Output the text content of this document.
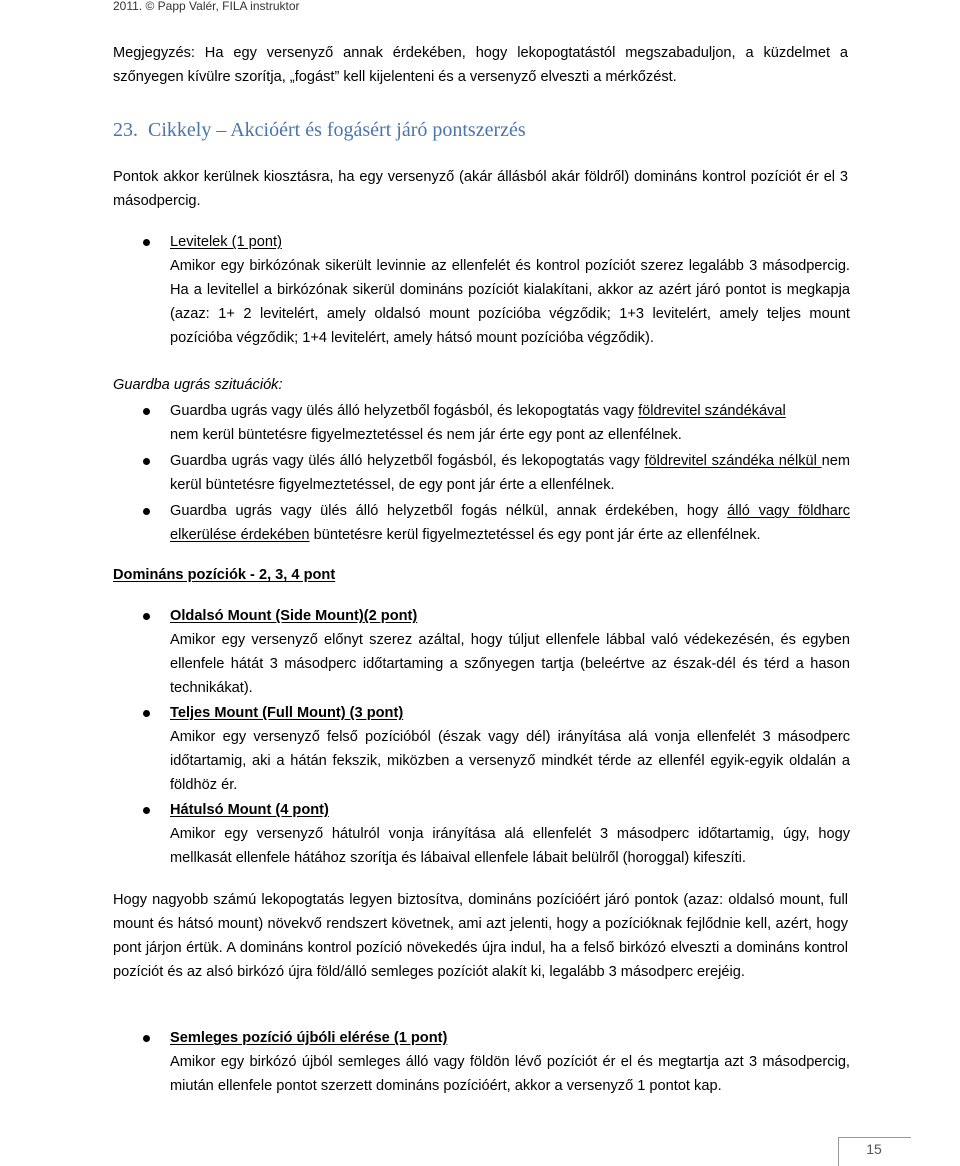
2011. © Papp Valér, FILA instruktor
Megjegyzés: Ha egy versenyző annak érdekében, hogy lekopogtatástól megszabaduljon, a küzdelmet a szőnyegen kívülre szorítja, „fogást” kell kijelenteni és a versenyző elveszti a mérkőzést.
23. Cikkely – Akcióért és fogásért járó pontszerzés
Pontok akkor kerülnek kiosztásra, ha egy versenyző (akár állásból akár földről) domináns kontrol pozíciót ér el 3 másodpercig.
Levitelek (1 pont)
Amikor egy birkózónak sikerült levinnie az ellenfelét és kontrol pozíciót szerez legalább 3 másodpercig. Ha a levitellel a birkózónak sikerül domináns pozíciót kialakítani, akkor az azért járó pontot is megkapja (azaz: 1+ 2 levitelért, amely oldalsó mount pozícióba végződik; 1+3 levitelért, amely teljes mount pozícióba végződik; 1+4 levitelért, amely hátsó mount pozícióba végződik).
Guardba ugrás szituációk:
Guardba ugrás vagy ülés álló helyzetből fogásból, és lekopogtatás vagy földrevitel szándékával
nem kerül büntetésre figyelmeztetéssel és nem jár érte egy pont az ellenfélnek.
Guardba ugrás vagy ülés álló helyzetből fogásból, és lekopogtatás vagy földrevitel szándéka nélkül nem kerül büntetésre figyelmeztetéssel, de egy pont jár érte a ellenfélnek.
Guardba ugrás vagy ülés álló helyzetből fogás nélkül, annak érdekében, hogy álló vagy földharc elkerülése érdekében büntetésre kerül figyelmeztetéssel és egy pont jár érte az ellenfélnek.
Domináns pozíciók - 2, 3, 4 pont
Oldalsó Mount (Side Mount)(2 pont)
Amikor egy versenyző előnyt szerez azáltal, hogy túljut ellenfele lábbal való védekezésén, és egyben ellenfele hátát 3 másodperc időtartaming a szőnyegen tartja (beleértve az észak-dél és térd a hason technikákat).
Teljes Mount (Full Mount) (3 pont)
Amikor egy versenyző felső pozícióból (észak vagy dél) irányítása alá vonja ellenfelét 3 másodperc időtartamig, aki a hátán fekszik, miközben a versenyző mindkét térde az ellenfél egyik-egyik oldalán a földhöz ér.
Hátulsó Mount (4 pont)
Amikor egy versenyző hátulról vonja irányítása alá ellenfelét 3 másodperc időtartamig, úgy, hogy mellkasát ellenfele hátához szorítja és lábaival ellenfele lábait belülről (horoggal) kifeszíti.
Hogy nagyobb számú lekopogtatás legyen biztosítva, domináns pozícióért járó pontok (azaz: oldalsó mount, full mount és hátsó mount) növekvő rendszert követnek, ami azt jelenti, hogy a pozícióknak fejlődnie kell, azért, hogy pont járjon értük. A domináns kontrol pozíció növekedés újra indul, ha a felső birkózó elveszti a domináns kontrol pozíciót és az alsó birkózó újra föld/álló semleges pozíciót alakít ki, legalább 3 másodperc erejéig.
Semleges pozíció újbóli elérése (1 pont)
Amikor egy birkózó újból semleges álló vagy földön lévő pozíciót ér el és megtartja azt 3 másodpercig, miután ellenfele pontot szerzett domináns pozícióért, akkor a versenyző 1 pontot kap.
15
